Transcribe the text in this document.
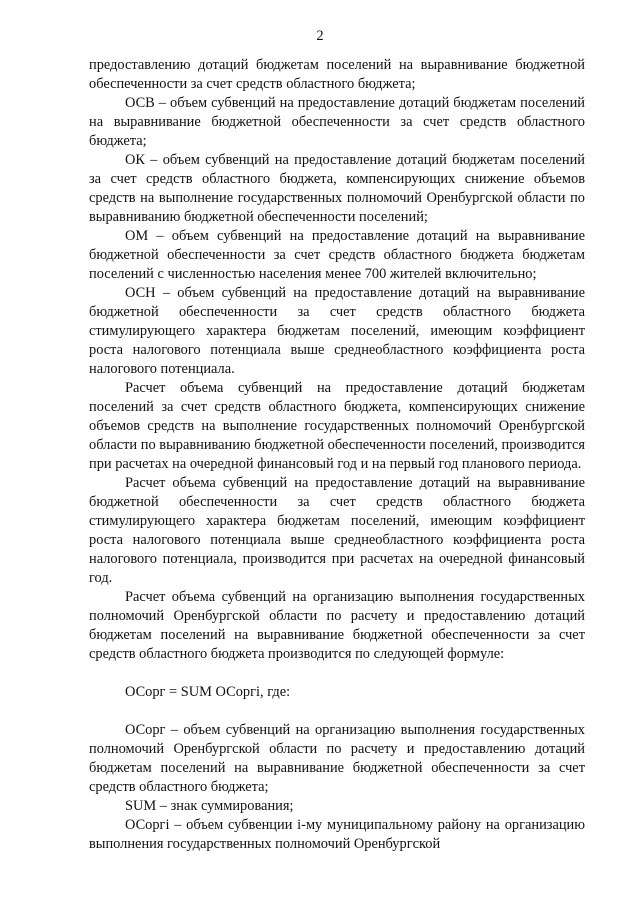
2

предоставлению дотаций бюджетам поселений на выравнивание бюджетной обеспеченности за счет средств областного бюджета;

ОСВ – объем субвенций на предоставление дотаций бюджетам поселений на выравнивание бюджетной обеспеченности за счет средств областного бюджета;

ОК – объем субвенций на предоставление дотаций бюджетам поселений за счет средств областного бюджета, компенсирующих снижение объемов средств на выполнение государственных полномочий Оренбургской области по выравниванию бюджетной обеспеченности поселений;

ОМ – объем субвенций на предоставление дотаций на выравнивание бюджетной обеспеченности за счет средств областного бюджета бюджетам поселений с численностью населения менее 700 жителей включительно;

ОСН – объем субвенций на предоставление дотаций на выравнивание бюджетной обеспеченности за счет средств областного бюджета стимулирующего характера бюджетам поселений, имеющим коэффициент роста налогового потенциала выше среднеобластного коэффициента роста налогового потенциала.

Расчет объема субвенций на предоставление дотаций бюджетам поселений за счет средств областного бюджета, компенсирующих снижение объемов средств на выполнение государственных полномочий Оренбургской области по выравниванию бюджетной обеспеченности поселений, производится при расчетах на очередной финансовый год и на первый год планового периода.

Расчет объема субвенций на предоставление дотаций на выравнивание бюджетной обеспеченности за счет средств областного бюджета стимулирующего характера бюджетам поселений, имеющим коэффициент роста налогового потенциала выше среднеобластного коэффициента роста налогового потенциала, производится при расчетах на очередной финансовый год.

Расчет объема субвенций на организацию выполнения государственных полномочий Оренбургской области по расчету и предоставлению дотаций бюджетам поселений на выравнивание бюджетной обеспеченности за счет средств областного бюджета производится по следующей формуле:

ОСорг = SUM ОСоргi, где:

ОСорг – объем субвенций на организацию выполнения государственных полномочий Оренбургской области по расчету и предоставлению дотаций бюджетам поселений на выравнивание бюджетной обеспеченности за счет средств областного бюджета;

SUM – знак суммирования;

ОСоргi – объем субвенции i-му муниципальному району на организацию выполнения государственных полномочий Оренбургской
